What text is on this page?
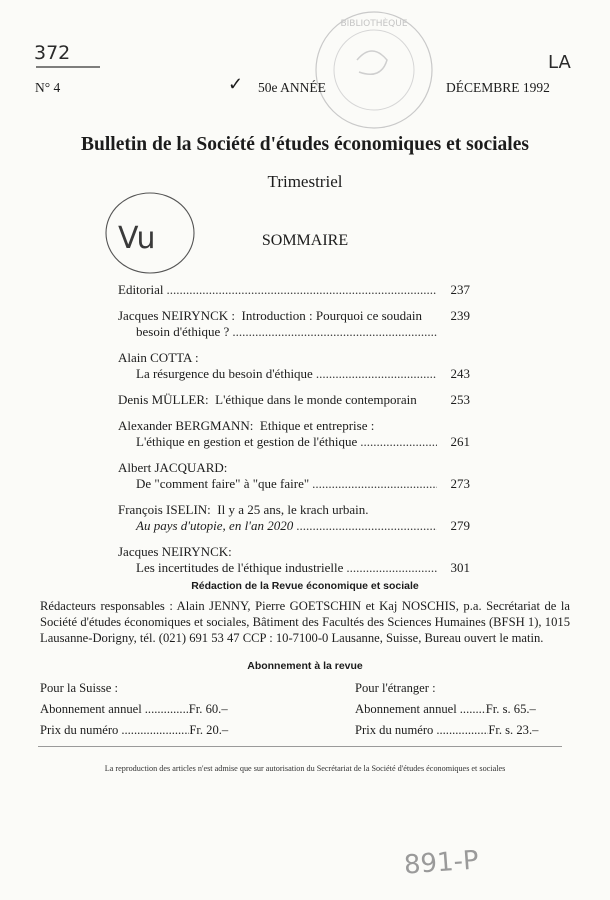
BIBLIOTHÈQUE
372	LA
Vu
891-P
N° 4	✓ 50e ANNÉE	DÉCEMBRE 1992
Bulletin de la Société d'études économiques et sociales
Trimestriel
SOMMAIRE
Editorial .....	237
Jacques NEIRYNCK : Introduction : Pourquoi ce soudain	239
besoin d'éthique ?
.....
Alain COTTA :
La résurgence du besoin d'éthique .....	243
Denis MÜLLER: L'éthique dans le monde contemporain	253
Alexander BERGMANN: Ethique et entreprise :
L'éthique en gestion et gestion de l'éthique .....	261
Albert JACQUARD:
De "comment faire" à "que faire" .....	273
François ISELIN: Il y a 25 ans, le krach urbain.
Au pays d'utopie, en l'an 2020 .....	279
Jacques NEIRYNCK:
Les incertitudes de l'éthique industrielle .....	301
Rédaction de la Revue économique et sociale
Rédacteurs responsables : Alain JENNY, Pierre GOETSCHIN et Kaj NOSCHIS, p.a. Secrétariat de la Société d'études économiques et sociales, Bâtiment des Facultés des Sciences Humaines (BFSH 1), 1015 Lausanne-Dorigny, tél. (021) 691 53 47 CCP : 10-7100-0 Lausanne, Suisse, Bureau ouvert le matin.
Abonnement à la revue
Pour la Suisse :
Abonnement annuel .....	Fr. 60.–
Prix du numéro .....	Fr. 20.–
Pour l'étranger :
Abonnement annuel ..... Fr. s. 65.–
Prix du numéro .....	Fr. s. 23.–
La reproduction des articles n'est admise que sur autorisation du Secrétariat de la Société d'études économiques et sociales
